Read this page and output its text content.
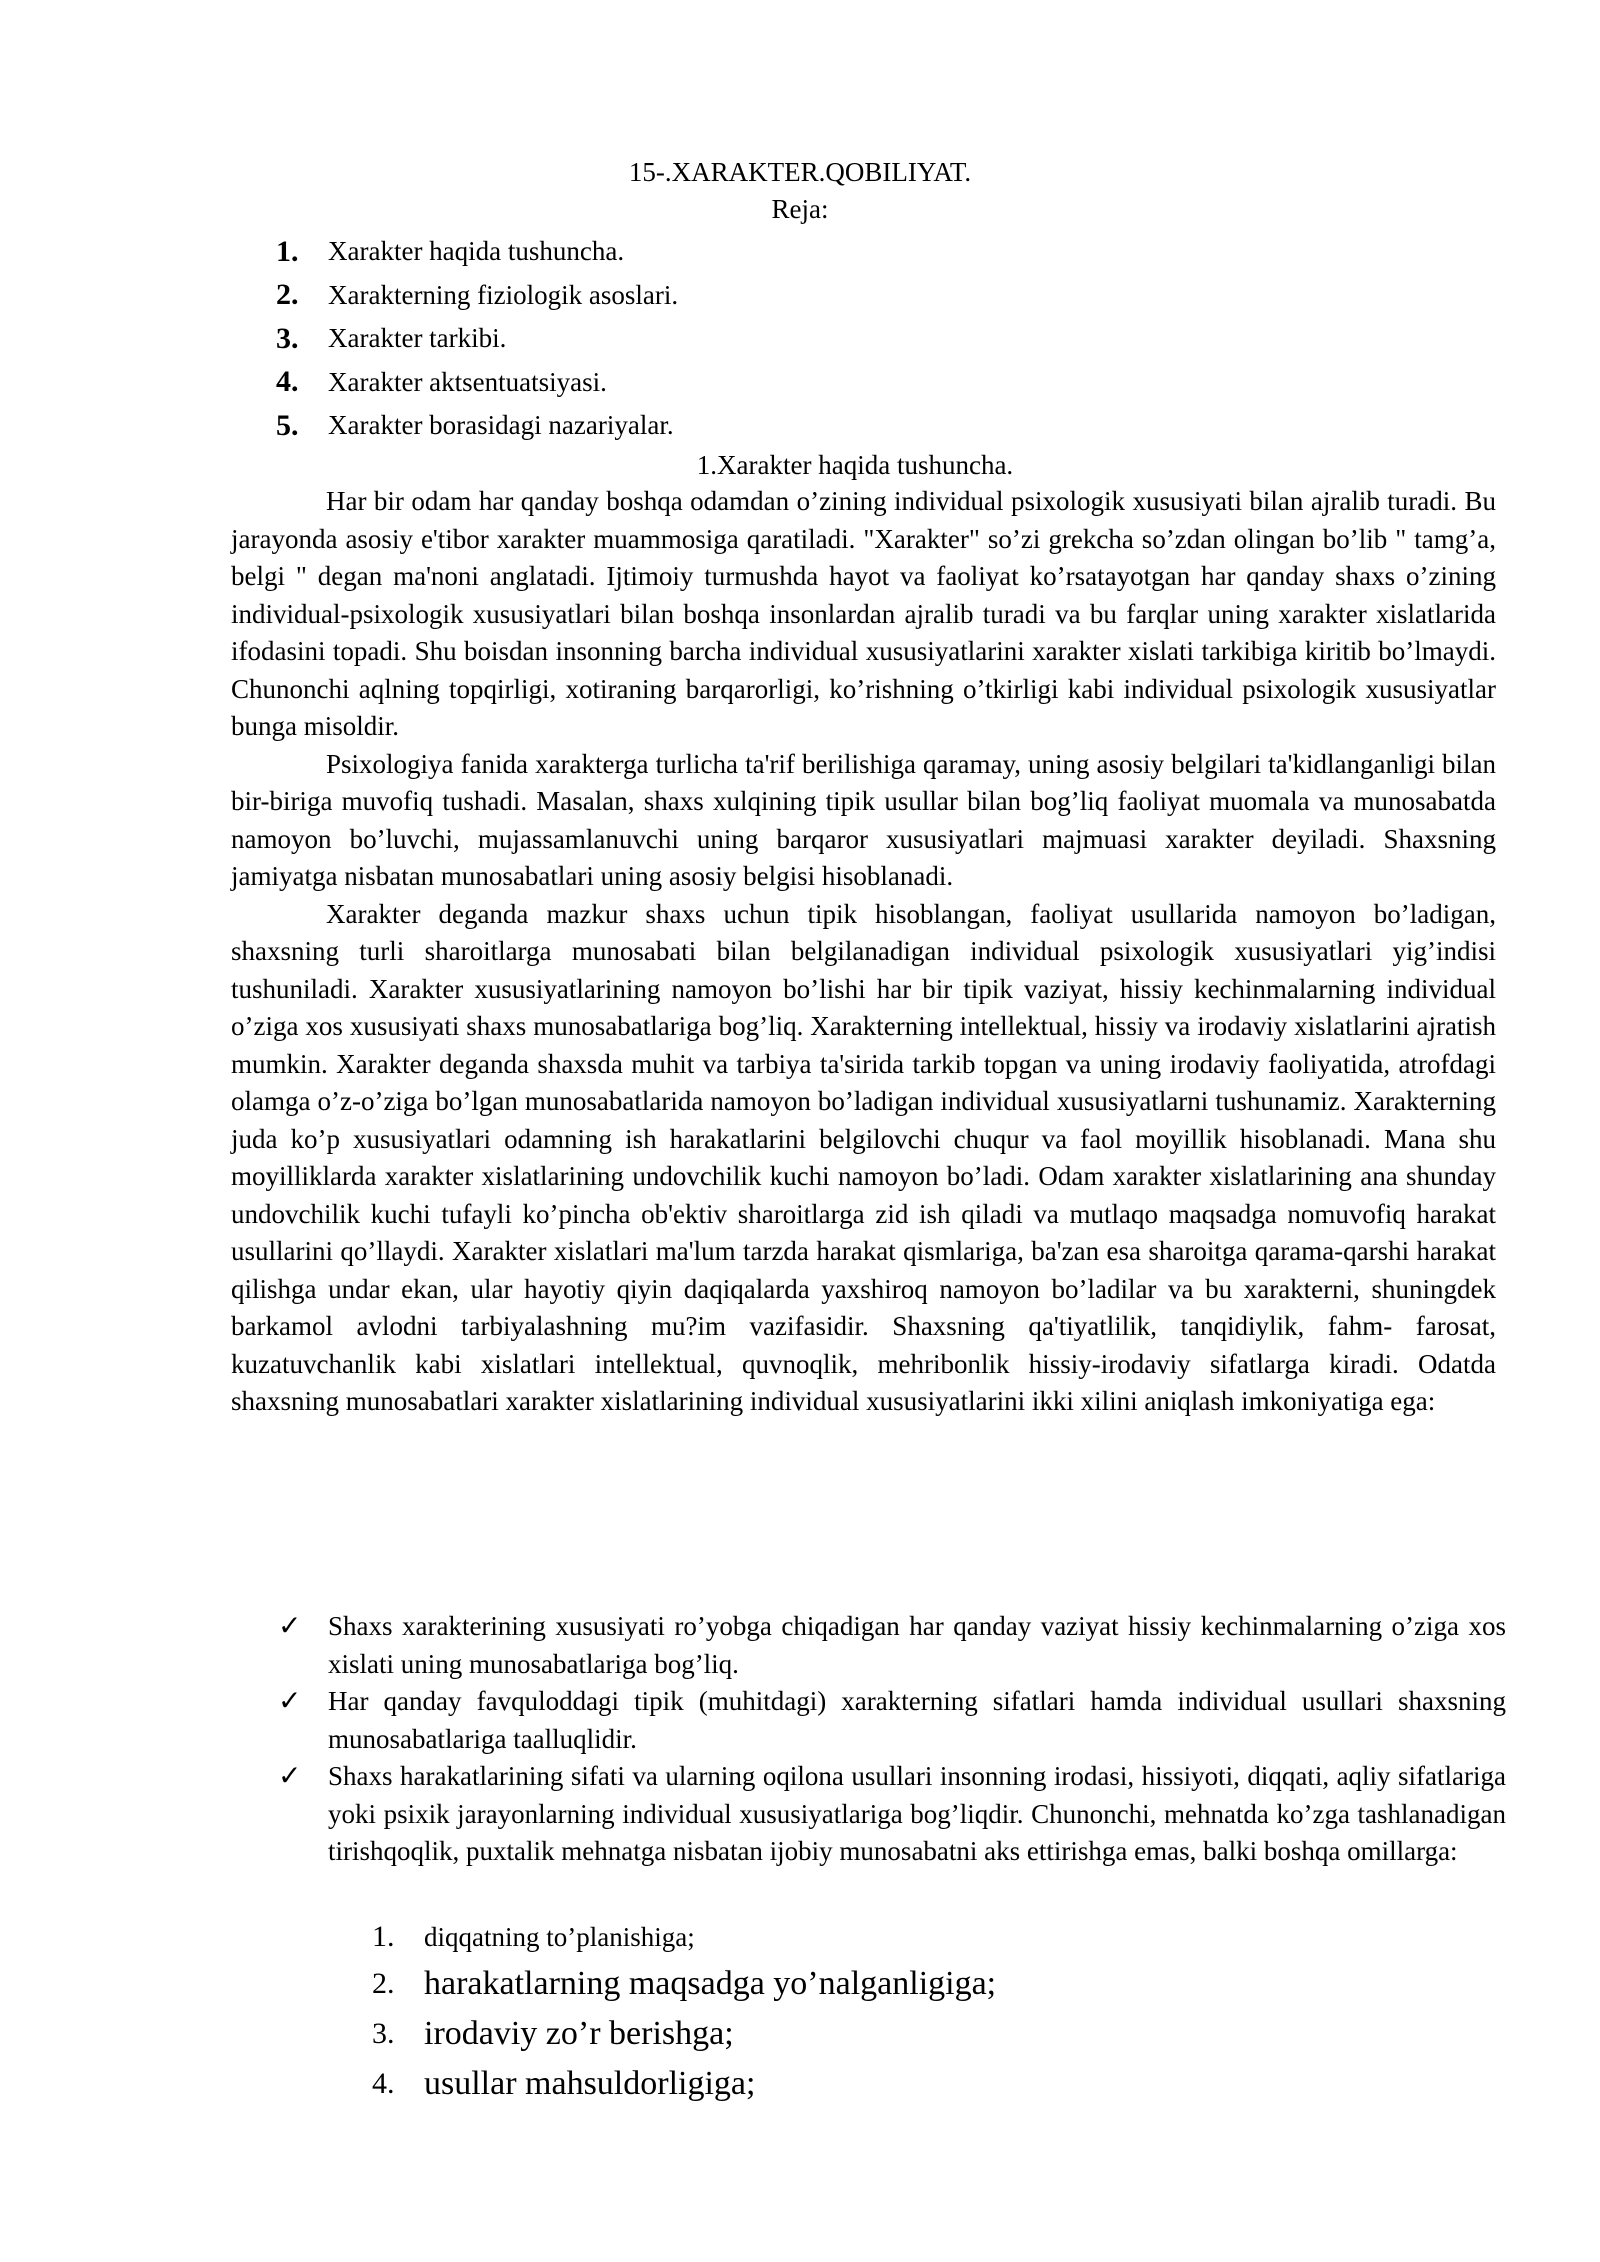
15-.XARAKTER.QOBILIYAT.
Reja:
1.	Xarakter haqida tushuncha.
2.	Xarakterning fiziologik asoslari.
3.	Xarakter tarkibi.
4.	Xarakter aktsentuatsiyasi.
5.	Xarakter borasidagi nazariyalar.
1.Xarakter haqida tushuncha.

Har bir odam har qanday boshqa odamdan o’zining individual psixologik xususiyati bilan ajralib turadi. Bu jarayonda asosiy e'tibor xarakter muammosiga qaratiladi. "Xarakter" so’zi grekcha so’zdan olingan bo’lib " tamg’a, belgi " degan ma'noni anglatadi. Ijtimoiy turmushda hayot va faoliyat ko’rsatayotgan har qanday shaxs o’zining individual-psixologik xususiyatlari bilan boshqa insonlardan ajralib turadi va bu farqlar uning xarakter xislatlarida ifodasini topadi. Shu boisdan insonning barcha individual xususiyatlarini xarakter xislati tarkibiga kiritib bo’lmaydi. Chunonchi aqlning topqirligi, xotiraning barqarorligi, ko’rishning o’tkirligi kabi individual psixologik xususiyatlar bunga misoldir.

Psixologiya fanida xarakterga turlicha ta'rif berilishiga qaramay, uning asosiy belgilari ta'kidlanganligi bilan bir-biriga muvofiq tushadi. Masalan, shaxs xulqining tipik usullar bilan bog’liq faoliyat muomala va munosabatda namoyon bo’luvchi, mujassamlanuvchi uning barqaror xususiyatlari majmuasi xarakter deyiladi. Shaxsning jamiyatga nisbatan munosabatlari uning asosiy belgisi hisoblanadi.

Xarakter deganda mazkur shaxs uchun tipik hisoblangan, faoliyat usullarida namoyon bo’ladigan, shaxsning turli sharoitlarga munosabati bilan belgilanadigan individual psixologik xususiyatlari yig’indisi tushuniladi. Xarakter xususiyatlarining namoyon bo’lishi har bir tipik vaziyat, hissiy kechinmalarning individual o’ziga xos xususiyati shaxs munosabatlariga bog’liq. Xarakterning intellektual, hissiy va irodaviy xislatlarini ajratish mumkin. Xarakter deganda shaxsda muhit va tarbiya ta'sirida tarkib topgan va uning irodaviy faoliyatida, atrofdagi olamga o’z-o’ziga bo’lgan munosabatlarida namoyon bo’ladigan individual xususiyatlarni tushunamiz. Xarakterning juda ko’p xususiyatlari odamning ish harakatlarini belgilovchi chuqur va faol moyillik hisoblanadi. Mana shu moyilliklarda xarakter xislatlarining undovchilik kuchi namoyon bo’ladi. Odam xarakter xislatlarining ana shunday undovchilik kuchi tufayli ko’pincha ob'ektiv sharoitlarga zid ish qiladi va mutlaqo maqsadga nomuvofiq harakat usullarini qo’llaydi. Xarakter xislatlari ma'lum tarzda harakat qismlariga, ba'zan esa sharoitga qarama-qarshi harakat qilishga undar ekan, ular hayotiy qiyin daqiqalarda yaxshiroq namoyon bo’ladilar va bu xarakterni, shuningdek barkamol avlodni tarbiyalashning mu?im vazifasidir. Shaxsning qa'tiyatlilik, tanqidiylik, fahm- farosat, kuzatuvchanlik kabi xislatlari intellektual, quvnoqlik, mehribonlik hissiy-irodaviy sifatlarga kiradi. Odatda shaxsning munosabatlari xarakter xislatlarining individual xususiyatlarini ikki xilini aniqlash imkoniyatiga ega:

✓ Shaxs xarakterining xususiyati ro’yobga chiqadigan har qanday vaziyat hissiy kechinmalarning o’ziga xos xislati uning munosabatlariga bog’liq.
✓ Har qanday favquloddagi tipik (muhitdagi) xarakterning sifatlari hamda individual usullari shaxsning munosabatlariga taalluqlidir.
✓ Shaxs harakatlarining sifati va ularning oqilona usullari insonning irodasi, hissiyoti, diqqati, aqliy sifatlariga yoki psixik jarayonlarning individual xususiyatlariga bog’liqdir. Chunonchi, mehnatda ko’zga tashlanadigan tirishqoqlik, puxtalik mehnatga nisbatan ijobiy munosabatni aks ettirishga emas, balki boshqa omillarga:
1.	diqqatning to’planishiga;
2. harakatlarning maqsadga yo’nalganligiga;
3. irodaviy zo’r berishga;
4. usullar mahsuldorligiga;
